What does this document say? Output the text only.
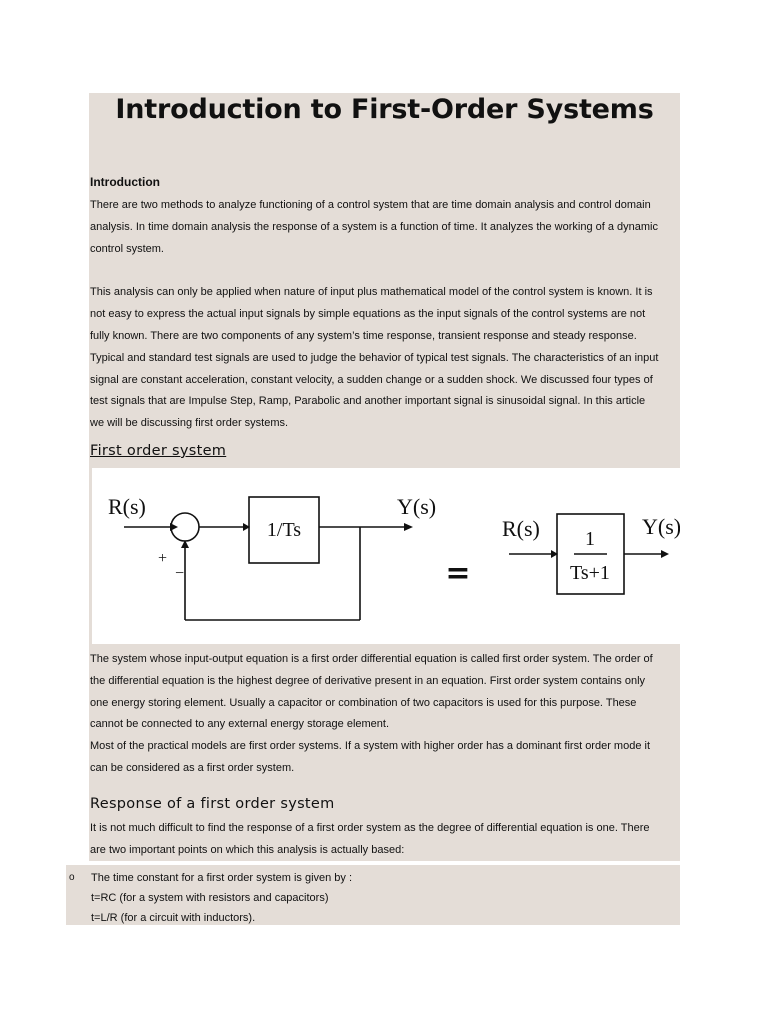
Introduction to First-Order Systems

Introduction

There are two methods to analyze functioning of a control system that are time domain analysis and control domain

analysis. In time domain analysis the response of a system is a function of time. It analyzes the working of a dynamic

control system.

This analysis can only be applied when nature of input plus mathematical model of the control system is known. It is

not easy to express the actual input signals by simple equations as the input signals of the control systems are not

fully known. There are two components of any system’s time response, transient response and steady response.

Typical and standard test signals are used to judge the behavior of typical test signals. The characteristics of an input

signal are constant acceleration, constant velocity, a sudden change or a sudden shock. We discussed four types of

test signals that are Impulse Step, Ramp, Parabolic and another important signal is sinusoidal signal. In this article

we will be discussing first order systems.

First order system

R(s)
+
−
1/Ts
Y(s)
R(s) 1
Ts+1
Y(s)
=

The system whose input-output equation is a first order differential equation is called first order system. The order of

the differential equation is the highest degree of derivative present in an equation. First order system contains only

one energy storing element. Usually a capacitor or combination of two capacitors is used for this purpose. These

cannot be connected to any external energy storage element.

Most of the practical models are first order systems. If a system with higher order has a dominant first order mode it

can be considered as a first order system.

Response of a first order system

It is not much difficult to find the response of a first order system as the degree of differential equation is one. There

are two important points on which this analysis is actually based:

o The time constant for a first order system is given by :

t=RC (for a system with resistors and capacitors)

t=L/R (for a circuit with inductors).
